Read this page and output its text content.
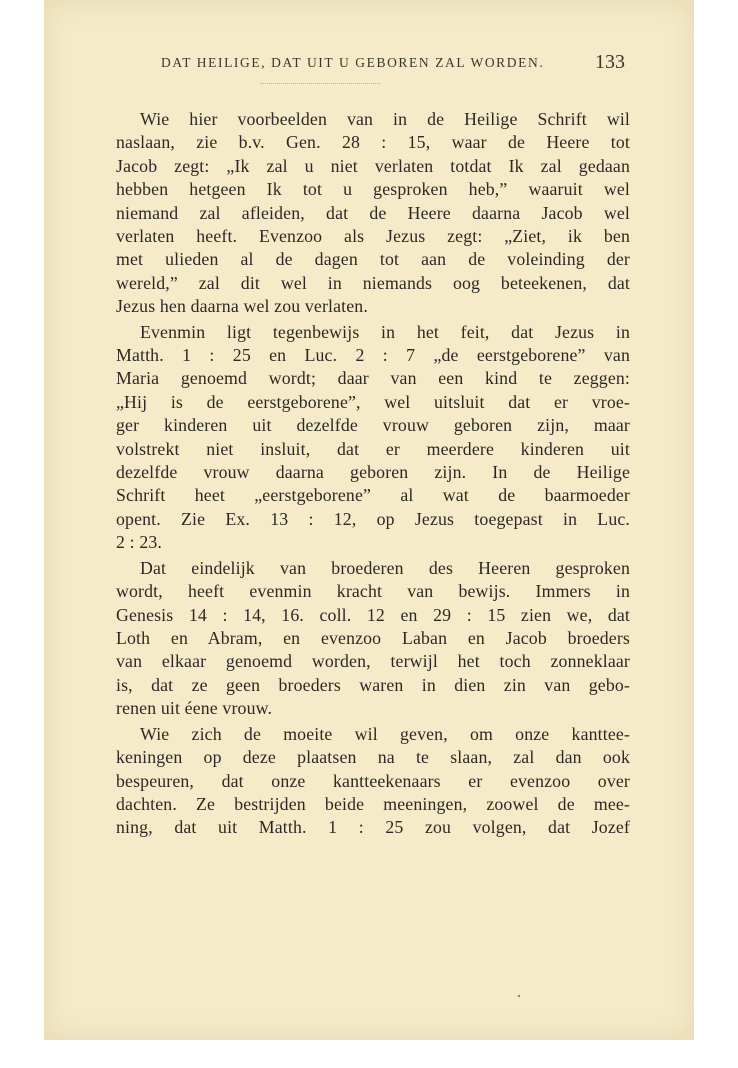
DAT HEILIGE, DAT UIT U GEBOREN ZAL WORDEN.	133
Wie hier voorbeelden van in de Heilige Schrift wil
naslaan, zie b.v. Gen. 28 : 15, waar de Heere tot
Jacob zegt: „Ik zal u niet verlaten totdat Ik zal gedaan
hebben hetgeen Ik tot u gesproken heb,” waaruit wel
niemand zal afleiden, dat de Heere daarna Jacob wel
verlaten heeft. Evenzoo als Jezus zegt: „Ziet, ik ben
met ulieden al de dagen tot aan de voleinding der
wereld,” zal dit wel in niemands oog beteekenen, dat
Jezus hen daarna wel zou verlaten.
Evenmin ligt tegenbewijs in het feit, dat Jezus in
Matth. 1 : 25 en Luc. 2 : 7 „de eerstgeborene” van
Maria genoemd wordt; daar van een kind te zeggen:
„Hij is de eerstgeborene”, wel uitsluit dat er vroe-
ger kinderen uit dezelfde vrouw geboren zijn, maar
volstrekt niet insluit, dat er meerdere kinderen uit
dezelfde vrouw daarna geboren zijn. In de Heilige
Schrift heet „eerstgeborene” al wat de baarmoeder
opent. Zie Ex. 13 : 12, op Jezus toegepast in Luc.
2 : 23.
Dat eindelijk van broederen des Heeren gesproken
wordt, heeft evenmin kracht van bewijs. Immers in
Genesis 14 : 14, 16. coll. 12 en 29 : 15 zien we, dat
Loth en Abram, en evenzoo Laban en Jacob broeders
van elkaar genoemd worden, terwijl het toch zonneklaar
is, dat ze geen broeders waren in dien zin van gebo-
renen uit éene vrouw.
Wie zich de moeite wil geven, om onze kanttee-
keningen op deze plaatsen na te slaan, zal dan ook
bespeuren, dat onze kantteekenaars er evenzoo over
dachten. Ze bestrijden beide meeningen, zoowel de mee-
ning, dat uit Matth. 1 : 25 zou volgen, dat Jozef
